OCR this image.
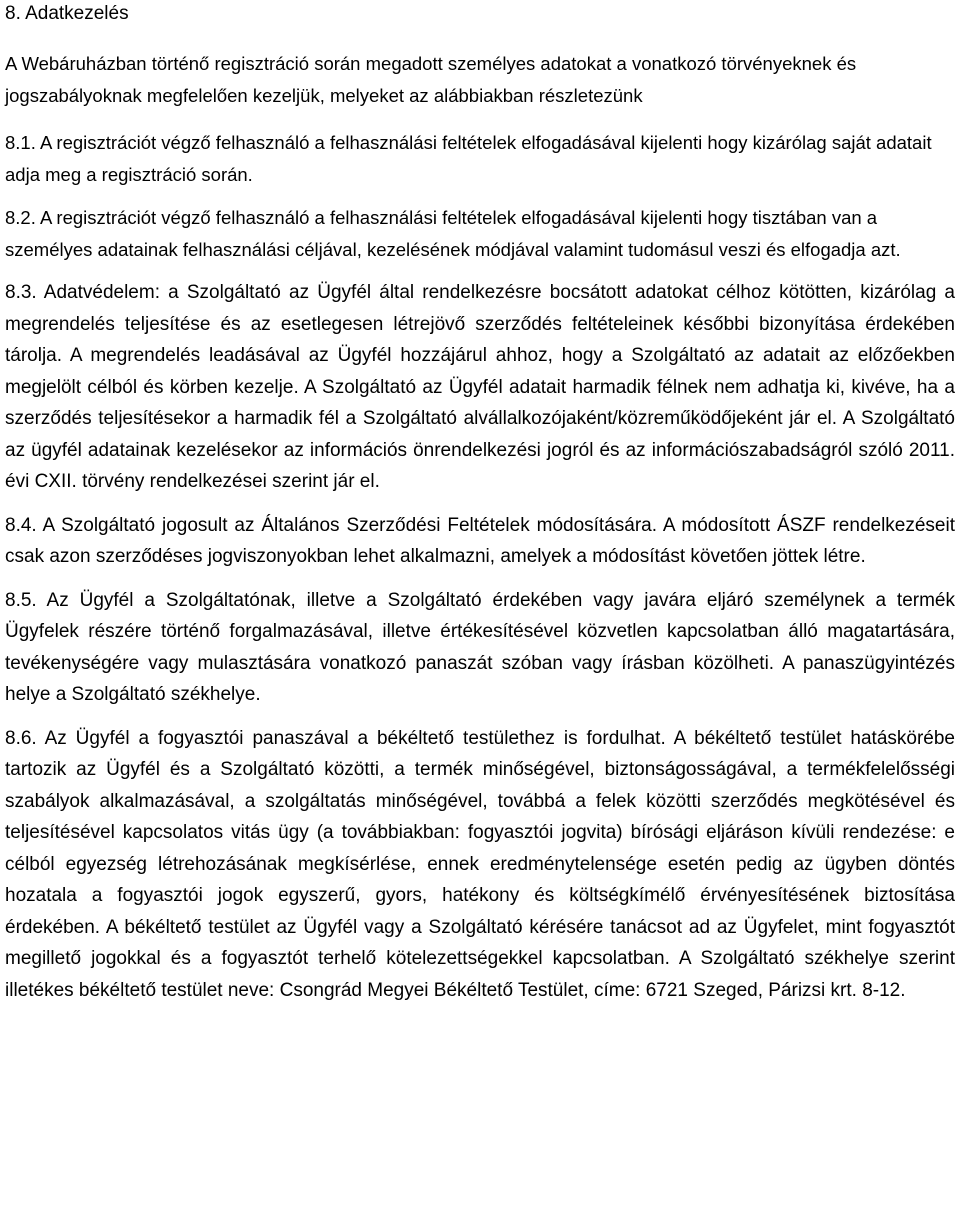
8. Adatkezelés

A Webáruházban történő regisztráció során megadott személyes adatokat a vonatkozó törvényeknek és jogszabályoknak megfelelően kezeljük, melyeket az alábbiakban részletezünk

8.1. A regisztrációt végző felhasználó a felhasználási feltételek elfogadásával kijelenti hogy kizárólag saját adatait adja meg a regisztráció során.

8.2. A regisztrációt végző felhasználó a felhasználási feltételek elfogadásával kijelenti hogy tisztában van a személyes adatainak felhasználási céljával, kezelésének módjával valamint tudomásul veszi és elfogadja azt.

8.3. Adatvédelem: a Szolgáltató az Ügyfél által rendelkezésre bocsátott adatokat célhoz kötötten, kizárólag a megrendelés teljesítése és az esetlegesen létrejövő szerződés feltételeinek későbbi bizonyítása érdekében tárolja. A megrendelés leadásával az Ügyfél hozzájárul ahhoz, hogy a Szolgáltató az adatait az előzőekben megjelölt célból és körben kezelje. A Szolgáltató az Ügyfél adatait harmadik félnek nem adhatja ki, kivéve, ha a szerződés teljesítésekor a harmadik fél a Szolgáltató alvállalkozójaként/közreműködőjeként jár el. A Szolgáltató az ügyfél adatainak kezelésekor az információs önrendelkezési jogról és az információszabadságról szóló 2011. évi CXII. törvény rendelkezései szerint jár el.

8.4. A Szolgáltató jogosult az Általános Szerződési Feltételek módosítására. A módosított ÁSZF rendelkezéseit csak azon szerződéses jogviszonyokban lehet alkalmazni, amelyek a módosítást követően jöttek létre.

8.5. Az Ügyfél a Szolgáltatónak, illetve a Szolgáltató érdekében vagy javára eljáró személynek a termék Ügyfelek részére történő forgalmazásával, illetve értékesítésével közvetlen kapcsolatban álló magatartására, tevékenységére vagy mulasztására vonatkozó panaszát szóban vagy írásban közölheti. A panaszügyintézés helye a Szolgáltató székhelye.

8.6. Az Ügyfél a fogyasztói panaszával a békéltető testülethez is fordulhat. A békéltető testület hatáskörébe tartozik az Ügyfél és a Szolgáltató közötti, a termék minőségével, biztonságosságával, a termékfelelősségi szabályok alkalmazásával, a szolgáltatás minőségével, továbbá a felek közötti szerződés megkötésével és teljesítésével kapcsolatos vitás ügy (a továbbiakban: fogyasztói jogvita) bírósági eljáráson kívüli rendezése: e célból egyezség létrehozásának megkísérlése, ennek eredménytelensége esetén pedig az ügyben döntés hozatala a fogyasztói jogok egyszerű, gyors, hatékony és költségkímélő érvényesítésének biztosítása érdekében. A békéltető testület az Ügyfél vagy a Szolgáltató kérésére tanácsot ad az Ügyfelet, mint fogyasztót megillető jogokkal és a fogyasztót terhelő kötelezettségekkel kapcsolatban. A Szolgáltató székhelye szerint illetékes békéltető testület neve: Csongrád Megyei Békéltető Testület, címe: 6721 Szeged, Párizsi krt. 8-12.
